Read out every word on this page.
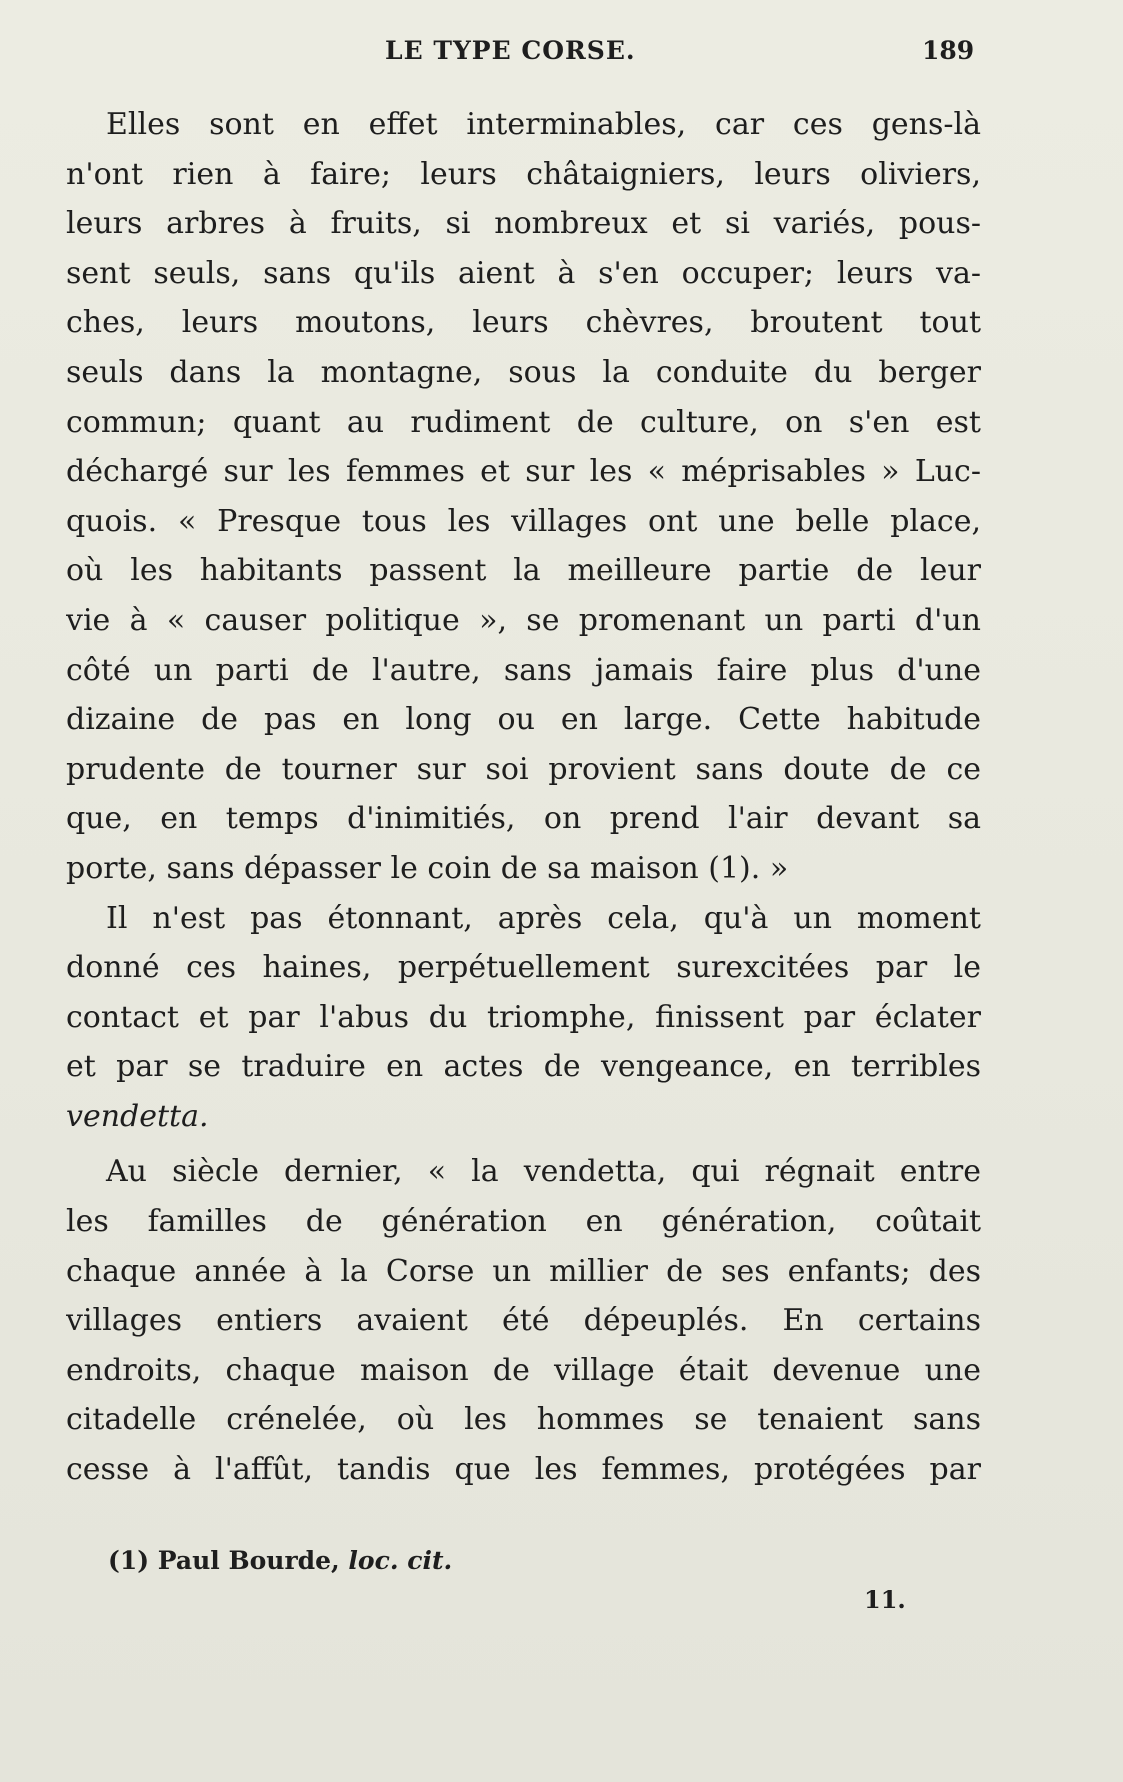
LE TYPE CORSE.	189
Elles sont en effet interminables, car ces gens-là
n'ont rien à faire; leurs châtaigniers, leurs oliviers,
leurs arbres à fruits, si nombreux et si variés, pous-
sent seuls, sans qu'ils aient à s'en occuper; leurs va-
ches, leurs moutons, leurs chèvres, broutent tout
seuls dans la montagne, sous la conduite du berger
commun; quant au rudiment de culture, on s'en est
déchargé sur les femmes et sur les « méprisables » Luc-
quois. « Presque tous les villages ont une belle place,
où les habitants passent la meilleure partie de leur
vie à « causer politique », se promenant un parti d'un
côté un parti de l'autre, sans jamais faire plus d'une
dizaine de pas en long ou en large. Cette habitude
prudente de tourner sur soi provient sans doute de ce
que, en temps d'inimitiés, on prend l'air devant sa
porte, sans dépasser le coin de sa maison (1). »
Il n'est pas étonnant, après cela, qu'à un moment
donné ces haines, perpétuellement surexcitées par le
contact et par l'abus du triomphe, finissent par éclater
et par se traduire en actes de vengeance, en terribles
vendetta.
Au siècle dernier, « la vendetta, qui régnait entre
les familles de génération en génération, coûtait
chaque année à la Corse un millier de ses enfants; des
villages entiers avaient été dépeuplés. En certains
endroits, chaque maison de village était devenue une
citadelle crénelée, où les hommes se tenaient sans
cesse à l'affût, tandis que les femmes, protégées par
(1) Paul Bourde, loc. cit.
11.
